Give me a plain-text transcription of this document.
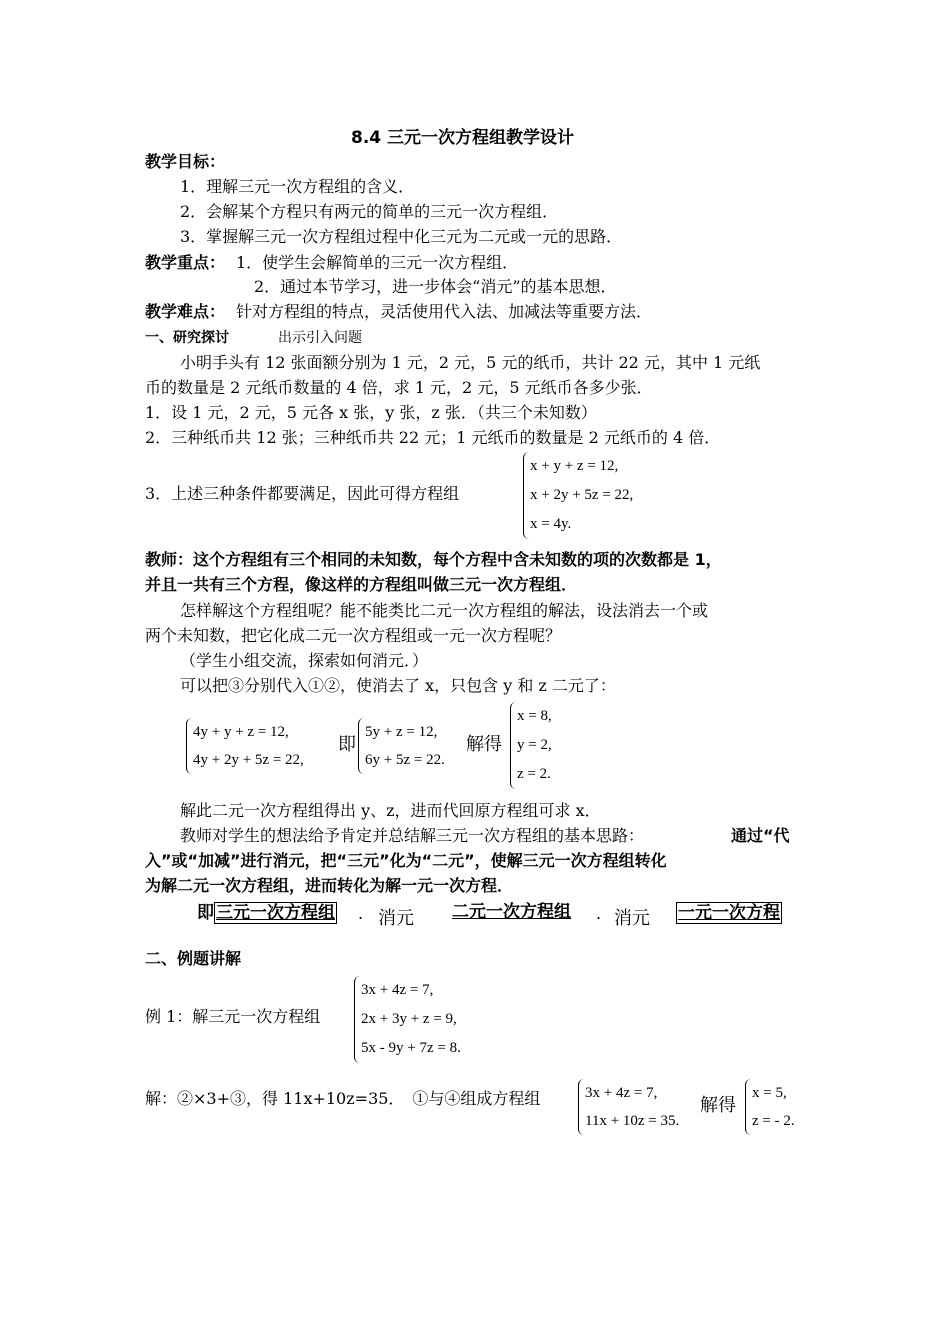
8.4 三元一次方程组教学设计
教学目标：
1．理解三元一次方程组的含义．
2．会解某个方程只有两元的简单的三元一次方程组．
3．掌握解三元一次方程组过程中化三元为二元或一元的思路．
教学重点： 1．使学生会解简单的三元一次方程组．
2．通过本节学习，进一步体会“消元”的基本思想．
教学难点： 针对方程组的特点，灵活使用代入法、加减法等重要方法．
一、研究探讨	出示引入问题
小明手头有 12 张面额分别为 1 元，2 元，5 元的纸币，共计 22 元，其中 1 元纸
币的数量是 2 元纸币数量的 4 倍，求 1 元，2 元，5 元纸币各多少张．
1．设 1 元，2 元，5 元各 x 张，y 张，z 张．（共三个未知数）
2．三种纸币共 12 张；三种纸币共 22 元；1 元纸币的数量是 2 元纸币的 4 倍．
3．上述三种条件都要满足，因此可得方程组
x + y + z = 12,
x + 2y + 5z = 22,
x = 4y.
教师：这个方程组有三个相同的未知数，每个方程中含未知数的项的次数都是 1，
并且一共有三个方程，像这样的方程组叫做三元一次方程组．
怎样解这个方程组呢？能不能类比二元一次方程组的解法，设法消去一个或
两个未知数，把它化成二元一次方程组或一元一次方程呢？
（学生小组交流，探索如何消元．）
可以把③分别代入①②，使消去了 x，只包含 y 和 z 二元了：
4y + y + z = 12,
4y + 2y + 5z = 22,
即
5y + z = 12,
6y + 5z = 22.
解得
x = 8,
y = 2,
z = 2.
解此二元一次方程组得出 y、z，进而代回原方程组可求 x．
教师对学生的想法给予肯定并总结解三元一次方程组的基本思路：	通过“代
入”或“加减”进行消元，把“三元”化为“二元”，使解三元一次方程组转化
为解二元一次方程组，进而转化为解一元一次方程．
即 三元一次方程组 . 消元 二元一次方程组 . 消元 一元一次方程
二、例题讲解
例 1：解三元一次方程组
3x + 4z = 7,
2x + 3y + z = 9,
5x - 9y + 7z = 8.
解：②×3+③，得 11x+10z=35．　①与④组成方程组	3x + 4z = 7,
11x + 10z = 35.
解得
x = 5,
z = - 2.
